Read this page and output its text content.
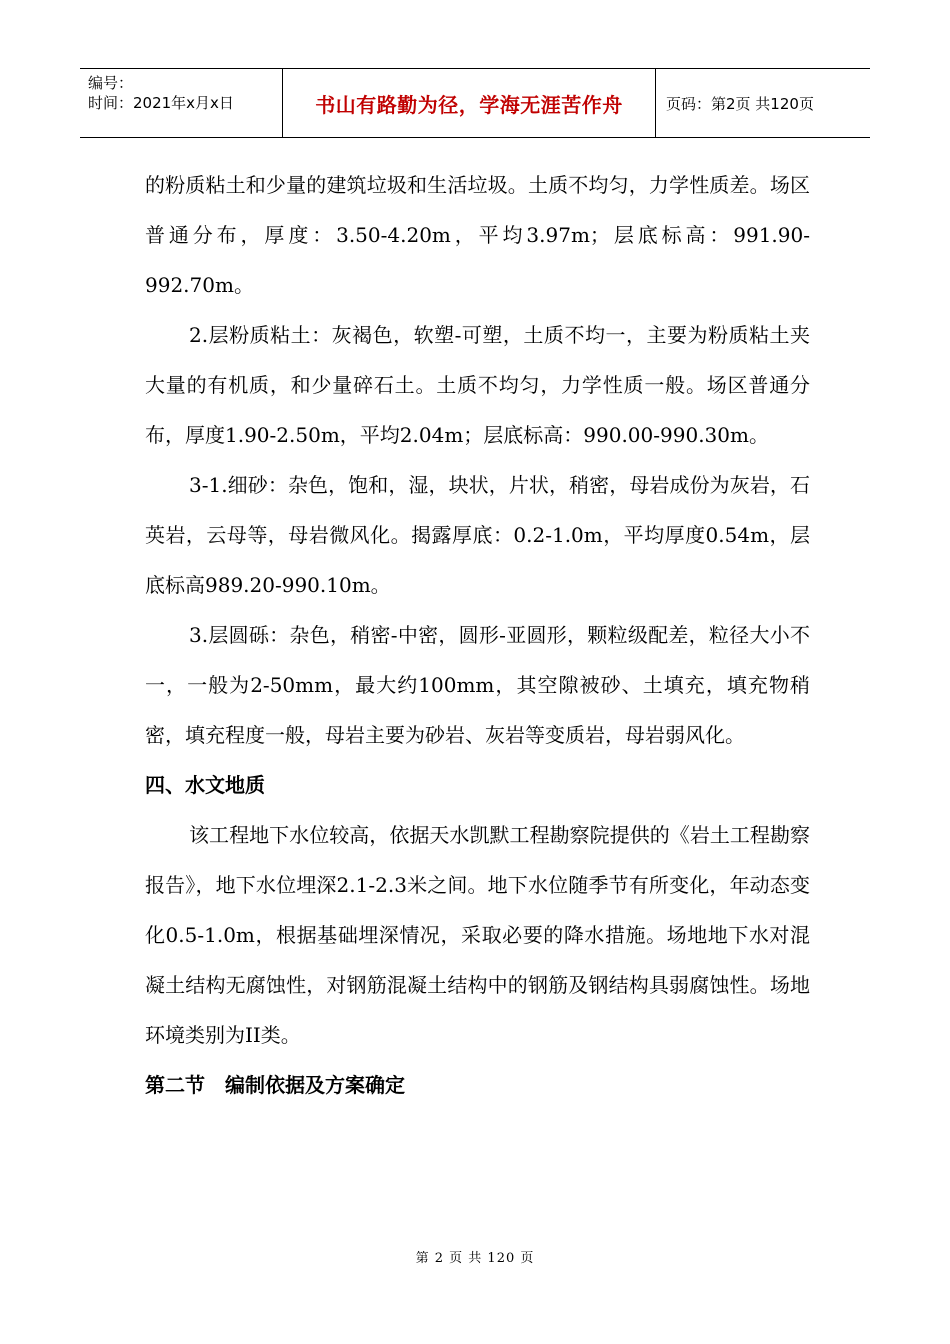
编号：
时间：2021年x月x日	书山有路勤为径，学海无涯苦作舟	页码：第2页 共120页

的粉质粘土和少量的建筑垃圾和生活垃圾。土质不均匀，力学性质差。场区普通分布，厚度：3.50-4.20m，平均3.97m；层底标高：991.90-992.70m。

2.层粉质粘土：灰褐色，软塑-可塑，土质不均一，主要为粉质粘土夹大量的有机质，和少量碎石土。土质不均匀，力学性质一般。场区普通分布，厚度1.90-2.50m，平均2.04m；层底标高：990.00-990.30m。

3-1.细砂：杂色，饱和，湿，块状，片状，稍密，母岩成份为灰岩，石英岩，云母等，母岩微风化。揭露厚底：0.2-1.0m，平均厚度0.54m，层底标高989.20-990.10m。

3.层圆砾：杂色，稍密-中密，圆形-亚圆形，颗粒级配差，粒径大小不一，一般为2-50mm，最大约100mm，其空隙被砂、土填充，填充物稍密，填充程度一般，母岩主要为砂岩、灰岩等变质岩，母岩弱风化。

四、水文地质

该工程地下水位较高，依据天水凯默工程勘察院提供的《岩土工程勘察报告》，地下水位埋深2.1-2.3米之间。地下水位随季节有所变化，年动态变化0.5-1.0m，根据基础埋深情况，采取必要的降水措施。场地地下水对混凝土结构无腐蚀性，对钢筋混凝土结构中的钢筋及钢结构具弱腐蚀性。场地环境类别为II类。

第二节　编制依据及方案确定

第 2 页 共 120 页
